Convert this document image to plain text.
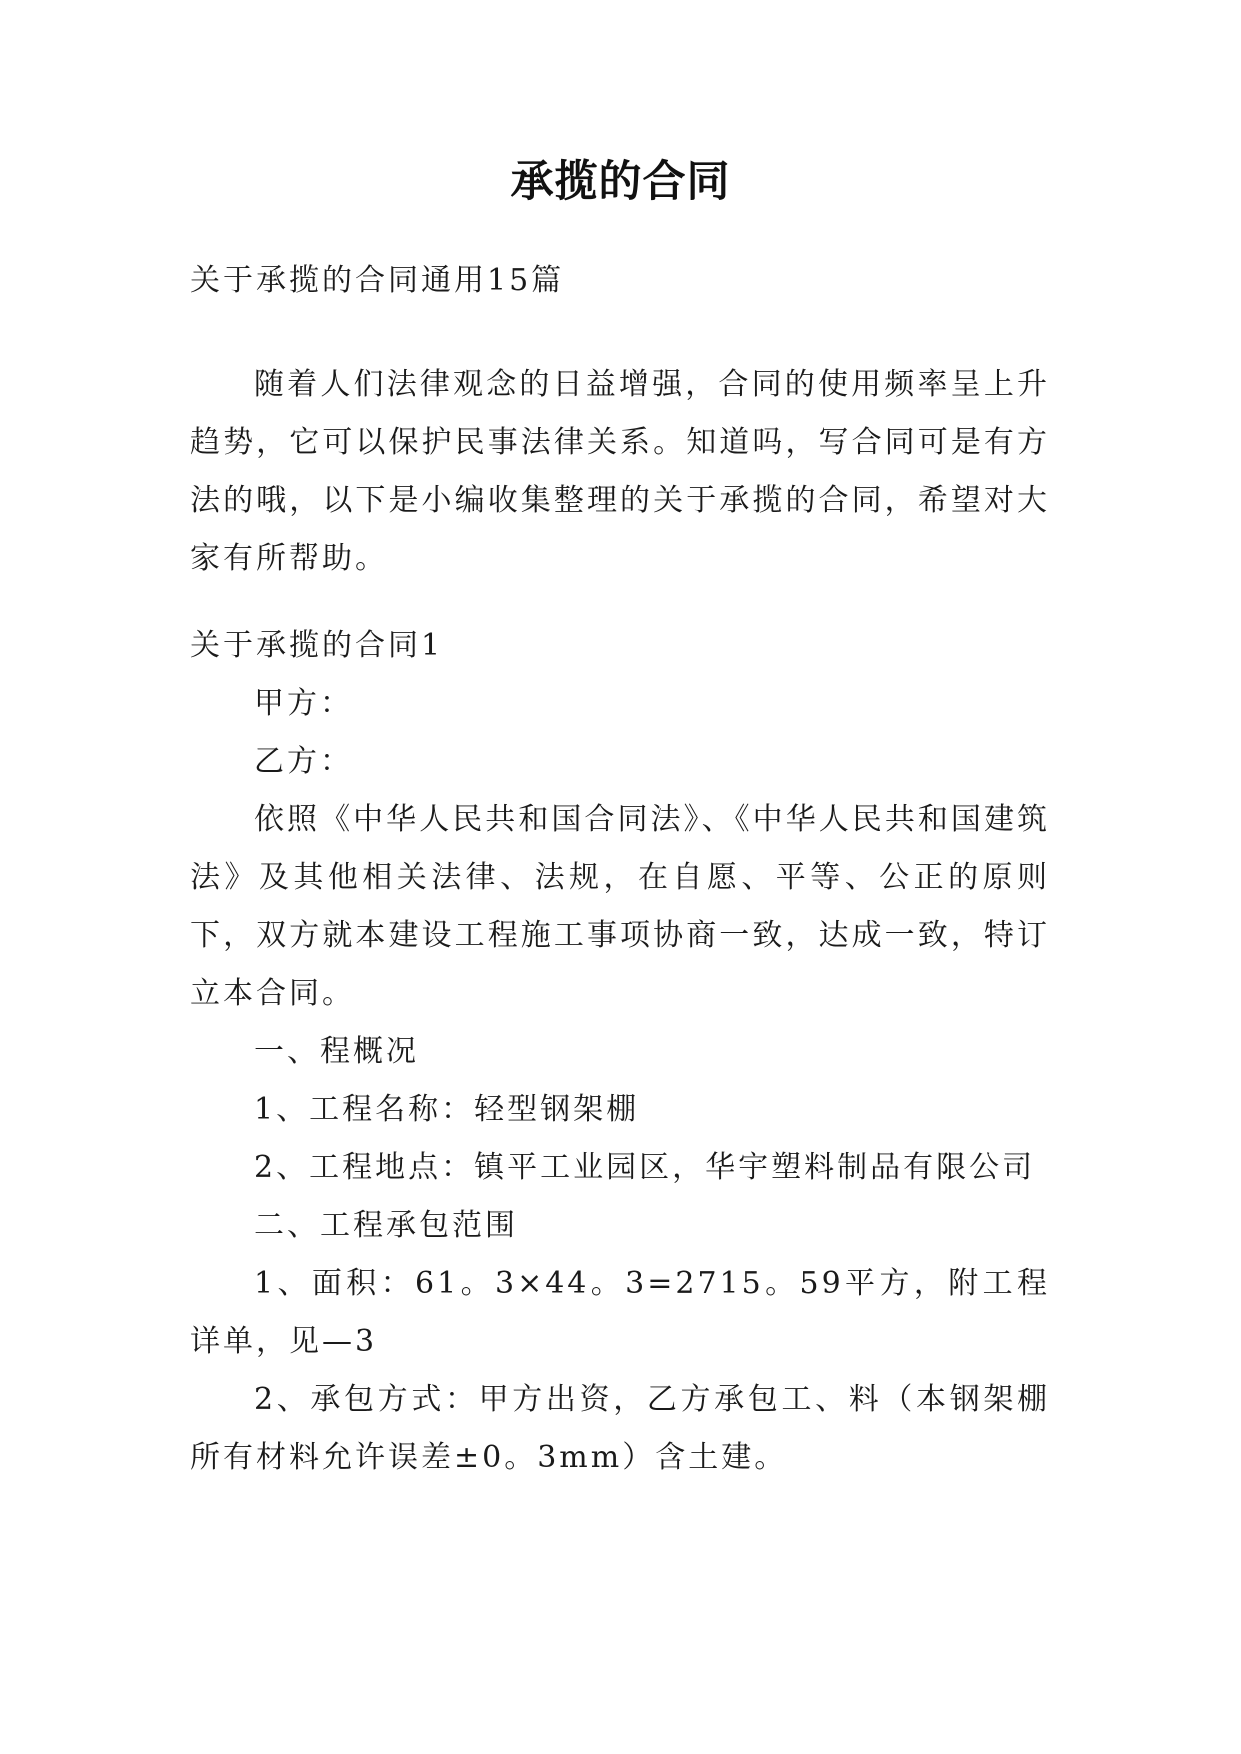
承揽的合同

关于承揽的合同通用15篇

随着人们法律观念的日益增强，合同的使用频率呈上升趋势，它可以保护民事法律关系。知道吗，写合同可是有方法的哦，以下是小编收集整理的关于承揽的合同，希望对大家有所帮助。

关于承揽的合同1

甲方：

乙方：

依照《中华人民共和国合同法》、《中华人民共和国建筑法》及其他相关法律、法规，在自愿、平等、公正的原则下，双方就本建设工程施工事项协商一致，达成一致，特订立本合同。

一、程概况

1、工程名称：轻型钢架棚

2、工程地点：镇平工业园区，华宇塑料制品有限公司

二、工程承包范围

1、面积：61。3×44。3=2715。59平方，附工程详单，见—3

2、承包方式：甲方出资，乙方承包工、料（本钢架棚所有材料允许误差±0。3mm）含土建。
